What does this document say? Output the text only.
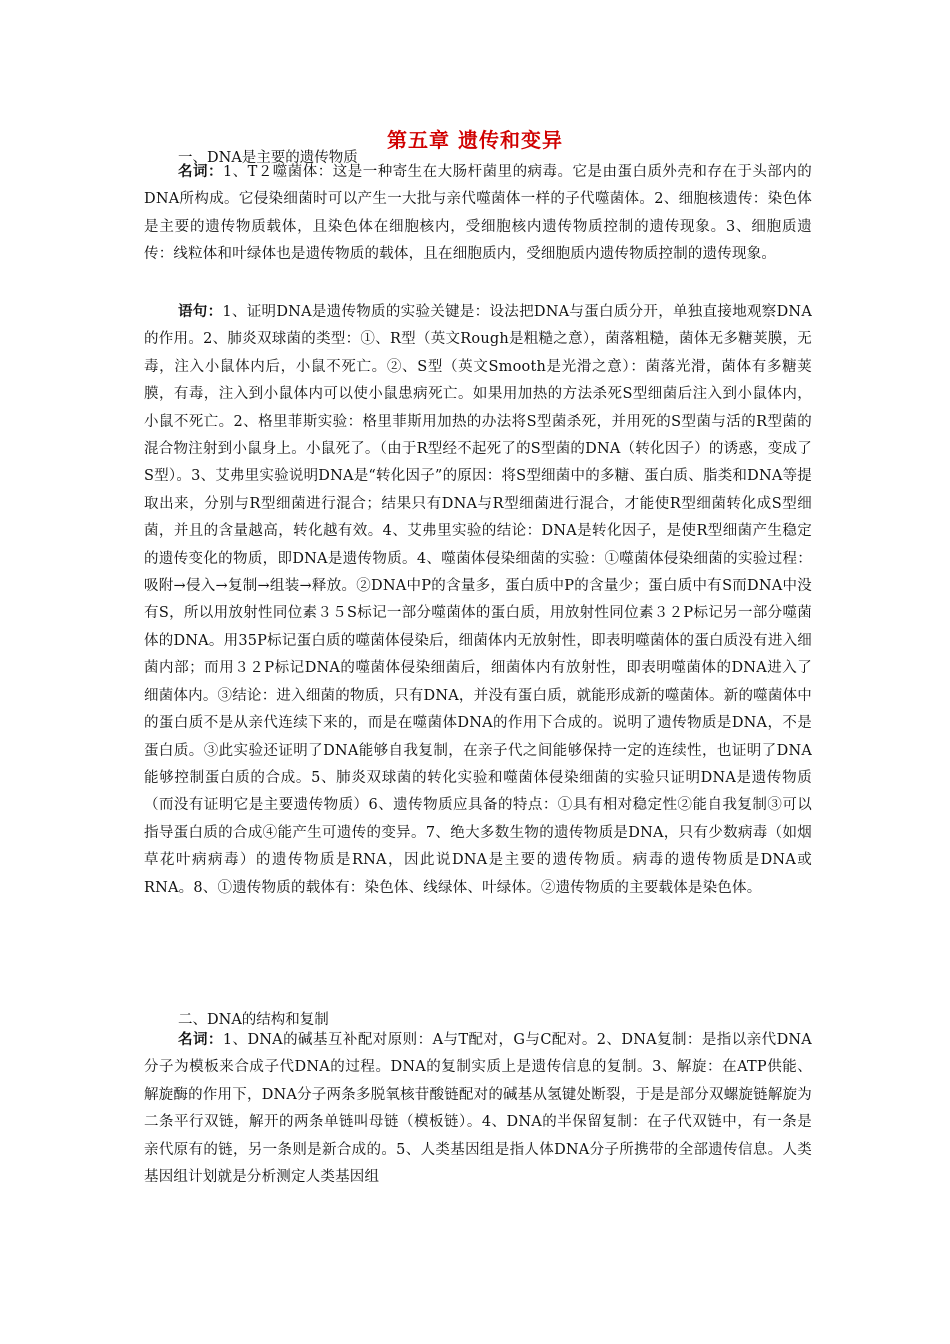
第五章 遗传和变异
一、DNA是主要的遗传物质

名词：1、T２噬菌体：这是一种寄生在大肠杆菌里的病毒。它是由蛋白质外壳和存在于头部内的DNA所构成。它侵染细菌时可以产生一大批与亲代噬菌体一样的子代噬菌体。2、细胞核遗传：染色体是主要的遗传物质载体，且染色体在细胞核内，受细胞核内遗传物质控制的遗传现象。3、细胞质遗传：线粒体和叶绿体也是遗传物质的载体，且在细胞质内，受细胞质内遗传物质控制的遗传现象。

语句：1、证明DNA是遗传物质的实验关键是：设法把DNA与蛋白质分开，单独直接地观察DNA的作用。2、肺炎双球菌的类型：①、R型（英文Rough是粗糙之意），菌落粗糙，菌体无多糖荚膜，无毒，注入小鼠体内后，小鼠不死亡。②、S型（英文Smooth是光滑之意）：菌落光滑，菌体有多糖荚膜，有毒，注入到小鼠体内可以使小鼠患病死亡。如果用加热的方法杀死S型细菌后注入到小鼠体内，小鼠不死亡。2、格里菲斯实验：格里菲斯用加热的办法将S型菌杀死，并用死的S型菌与活的R型菌的混合物注射到小鼠身上。小鼠死了。（由于R型经不起死了的S型菌的DNA（转化因子）的诱惑，变成了S型）。3、艾弗里实验说明DNA是“转化因子”的原因：将S型细菌中的多糖、蛋白质、脂类和DNA等提取出来，分别与R型细菌进行混合；结果只有DNA与R型细菌进行混合，才能使R型细菌转化成S型细菌，并且的含量越高，转化越有效。4、艾弗里实验的结论：DNA是转化因子，是使R型细菌产生稳定的遗传变化的物质，即DNA是遗传物质。4、噬菌体侵染细菌的实验：①噬菌体侵染细菌的实验过程：吸附→侵入→复制→组装→释放。②DNA中P的含量多，蛋白质中P的含量少；蛋白质中有S而DNA中没有S，所以用放射性同位素３５S标记一部分噬菌体的蛋白质，用放射性同位素３２P标记另一部分噬菌体的DNA。用35P标记蛋白质的噬菌体侵染后，细菌体内无放射性，即表明噬菌体的蛋白质没有进入细菌内部；而用３２P标记DNA的噬菌体侵染细菌后，细菌体内有放射性，即表明噬菌体的DNA进入了细菌体内。③结论：进入细菌的物质，只有DNA，并没有蛋白质，就能形成新的噬菌体。新的噬菌体中的蛋白质不是从亲代连续下来的，而是在噬菌体DNA的作用下合成的。说明了遗传物质是DNA，不是蛋白质。③此实验还证明了DNA能够自我复制，在亲子代之间能够保持一定的连续性，也证明了DNA能够控制蛋白质的合成。5、肺炎双球菌的转化实验和噬菌体侵染细菌的实验只证明DNA是遗传物质（而没有证明它是主要遗传物质）6、遗传物质应具备的特点：①具有相对稳定性②能自我复制③可以指导蛋白质的合成④能产生可遗传的变异。7、绝大多数生物的遗传物质是DNA，只有少数病毒（如烟草花叶病病毒）的遗传物质是RNA，因此说DNA是主要的遗传物质。病毒的遗传物质是DNA或RNA。8、①遗传物质的载体有：染色体、线绿体、叶绿体。②遗传物质的主要载体是染色体。

二、DNA的结构和复制

名词：1、DNA的碱基互补配对原则：A与T配对，G与C配对。2、DNA复制：是指以亲代DNA分子为模板来合成子代DNA的过程。DNA的复制实质上是遗传信息的复制。3、解旋：在ATP供能、解旋酶的作用下，DNA分子两条多脱氧核苷酸链配对的碱基从氢键处断裂，于是是部分双螺旋链解旋为二条平行双链，解开的两条单链叫母链（模板链）。4、DNA的半保留复制：在子代双链中，有一条是亲代原有的链，另一条则是新合成的。5、人类基因组是指人体DNA分子所携带的全部遗传信息。人类基因组计划就是分析测定人类基因组
